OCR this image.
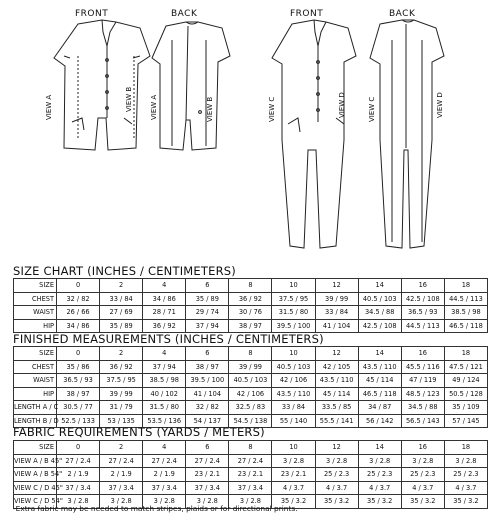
FRONT	BACK	FRONT	BACK
VIEW A	VIEW B VIEW A	VIEW B	VIEW C	VIEW D	VIEW C	VIEW D
SIZE CHART (INCHES / CENTIMETERS)
SIZE	0	2	4	6	8	10	12	14	16	18
CHEST	32 / 82	33 / 84	34 / 86	35 / 89	36 / 92	37.5 / 95	39 / 99	40.5 / 103	42.5 / 108	44.5 / 113
WAIST	26 / 66	27 / 69	28 / 71	29 / 74	30 / 76	31.5 / 80	33 / 84	34.5 / 88	36.5 / 93	38.5 / 98
HIP	34 / 86	35 / 89	36 / 92	37 / 94	38 / 97	39.5 / 100	41 / 104	42.5 / 108	44.5 / 113	46.5 / 118
FINISHED MEASUREMENTS (INCHES / CENTIMETERS)
SIZE	0	2	4	6	8	10	12	14	16	18
CHEST	35 / 86	36 / 92	37 / 94	38 / 97	39 / 99	40.5 / 103	42 / 105	43.5 / 110	45.5 / 116	47.5 / 121
WAIST	36.5 / 93	37.5 / 95	38.5 / 98	39.5 / 100	40.5 / 103	42 / 106	43.5 / 110	45 / 114	47 / 119	49 / 124
HIP	38 / 97	39 / 99	40 / 102	41 / 104	42 / 106	43.5 / 110	45 / 114	46.5 / 118	48.5 / 123	50.5 / 128
LENGTH A / C	30.5 / 77	31 / 79	31.5 / 80	32 / 82	32.5 / 83	33 / 84	33.5 / 85	34 / 87	34.5 / 88	35 / 109
LENGTH B / D	52.5 / 133	53 / 135	53.5 / 136	54 / 137	54.5 / 138	55 / 140	55.5 / 141	56 / 142	56.5 / 143	57 / 145
FABRIC REQUIREMENTS (YARDS / METERS)
SIZE	0	2	4	6	8	10	12	14	16	18
VIEW A / B 45"	27 / 2.4	27 / 2.4	27 / 2.4	27 / 2.4	27 / 2.4	3 / 2.8	3 / 2.8	3 / 2.8	3 / 2.8	3 / 2.8
VIEW A / B 54"	2 / 1.9	2 / 1.9	2 / 1.9	23 / 2.1	23 / 2.1	23 / 2.1	25 / 2.3	25 / 2.3	25 / 2.3	25 / 2.3
VIEW C / D 45"	37 / 3.4	37 / 3.4	37 / 3.4	37 / 3.4	37 / 3.4	4 / 3.7	4 / 3.7	4 / 3.7	4 / 3.7	4 / 3.7
VIEW C / D 54"	3 / 2.8	3 / 2.8	3 / 2.8	3 / 2.8	3 / 2.8	35 / 3.2	35 / 3.2	35 / 3.2	35 / 3.2	35 / 3.2
-Extra fabric may be needed to match stripes, plaids or for directional prints.
